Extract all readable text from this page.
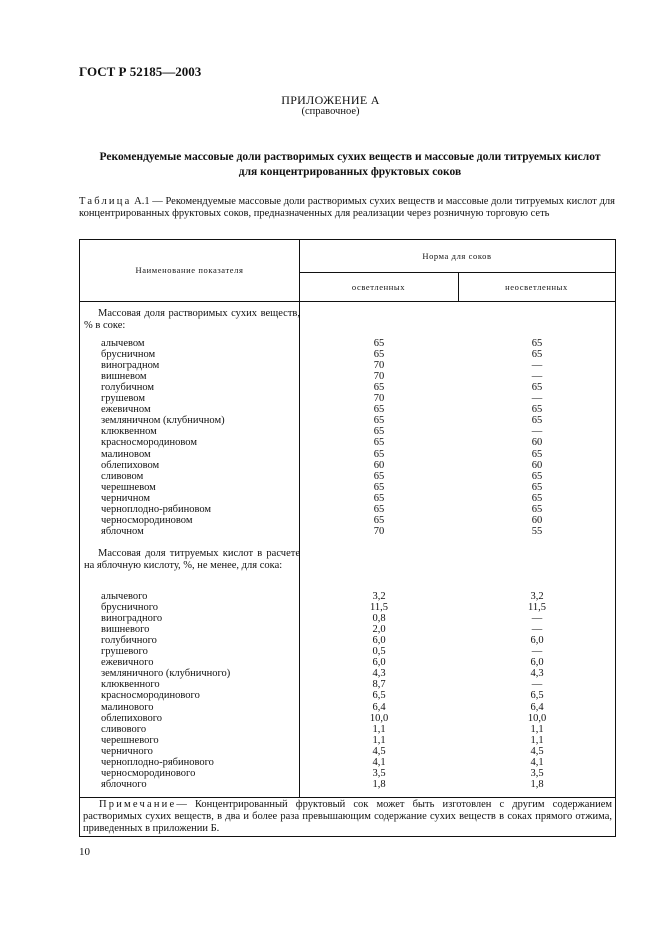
ГОСТ Р 52185—2003
ПРИЛОЖЕНИЕ А
(справочное)
Рекомендуемые массовые доли растворимых сухих веществ и массовые доли титруемых кислот для концентрированных фруктовых соков
Таблица А.1 — Рекомендуемые массовые доли растворимых сухих веществ и массовые доли титруемых кислот для концентрированных фруктовых соков, предназначенных для реализации через розничную торговую сеть
Наименование показателя
Норма для соков
осветленных	неосветленных
Массовая доля растворимых сухих веществ, % в соке:
алычевом	65	65
брусничном	65	65
виноградном	70	—
вишневом	70	—
голубичном	65	65
грушевом	70	—
ежевичном	65	65
земляничном (клубничном)	65	65
клюквенном	65	—
красносмородиновом	65	60
малиновом	65	65
облепиховом	60	60
сливовом	65	65
черешневом	65	65
черничном	65	65
черноплодно-рябиновом	65	65
черносмородиновом	65	60
яблочном	70	55
Массовая доля титруемых кислот в расчете на яблочную кислоту, %, не менее, для сока:
алычевого	3,2	3,2
брусничного	11,5	11,5
виноградного	0,8	—
вишневого	2,0	—
голубичного	6,0	6,0
грушевого	0,5	—
ежевичного	6,0	6,0
земляничного (клубничного)	4,3	4,3
клюквенного	8,7	—
красносмородинового	6,5	6,5
малинового	6,4	6,4
облепихового	10,0	10,0
сливового	1,1	1,1
черешневого	1,1	1,1
черничного	4,5	4,5
черноплодно-рябинового	4,1	4,1
черносмородинового	3,5	3,5
яблочного	1,8	1,8
Примечание— Концентрированный фруктовый сок может быть изготовлен с другим содержанием растворимых сухих веществ, в два и более раза превышающим содержание сухих веществ в соках прямого отжима, приведенных в приложении Б.
10
